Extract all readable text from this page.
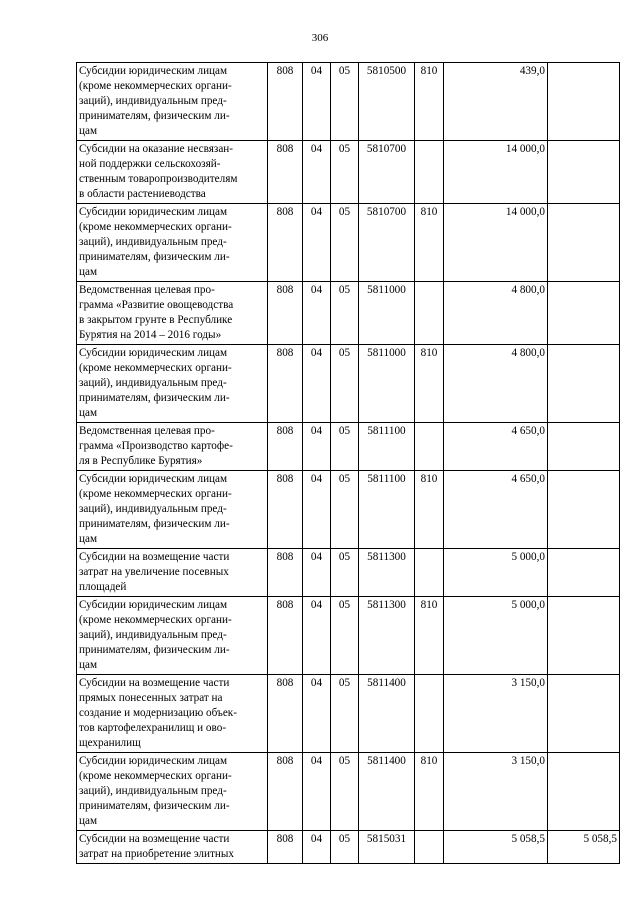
306
Субсидии юридическим лицам
(кроме некоммерческих органи-
заций), индивидуальным пред-
принимателям, физическим ли-
цам	808	04	05	5810500	810	439,0	
Субсидии на оказание несвязан-
ной поддержки сельскохозяй-
ственным товаропроизводителям
в области растениеводства	808	04	05	5810700		14 000,0	
Субсидии юридическим лицам
(кроме некоммерческих органи-
заций), индивидуальным пред-
принимателям, физическим ли-
цам	808	04	05	5810700	810	14 000,0	
Ведомственная целевая про-
грамма «Развитие овощеводства
в закрытом грунте в Республике
Бурятия на 2014 – 2016 годы»	808	04	05	5811000		4 800,0	
Субсидии юридическим лицам
(кроме некоммерческих органи-
заций), индивидуальным пред-
принимателям, физическим ли-
цам	808	04	05	5811000	810	4 800,0	
Ведомственная целевая про-
грамма «Производство картофе-
ля в Республике Бурятия»	808	04	05	5811100		4 650,0	
Субсидии юридическим лицам
(кроме некоммерческих органи-
заций), индивидуальным пред-
принимателям, физическим ли-
цам	808	04	05	5811100	810	4 650,0	
Субсидии на возмещение части
затрат на увеличение посевных
площадей	808	04	05	5811300		5 000,0	
Субсидии юридическим лицам
(кроме некоммерческих органи-
заций), индивидуальным пред-
принимателям, физическим ли-
цам	808	04	05	5811300	810	5 000,0	
Субсидии на возмещение части
прямых понесенных затрат на
создание и модернизацию объек-
тов картофелехранилищ и ово-
щехранилищ	808	04	05	5811400		3 150,0	
Субсидии юридическим лицам
(кроме некоммерческих органи-
заций), индивидуальным пред-
принимателям, физическим ли-
цам	808	04	05	5811400	810	3 150,0	
Субсидии на возмещение части
затрат на приобретение элитных	808	04	05	5815031		5 058,5	5 058,5
